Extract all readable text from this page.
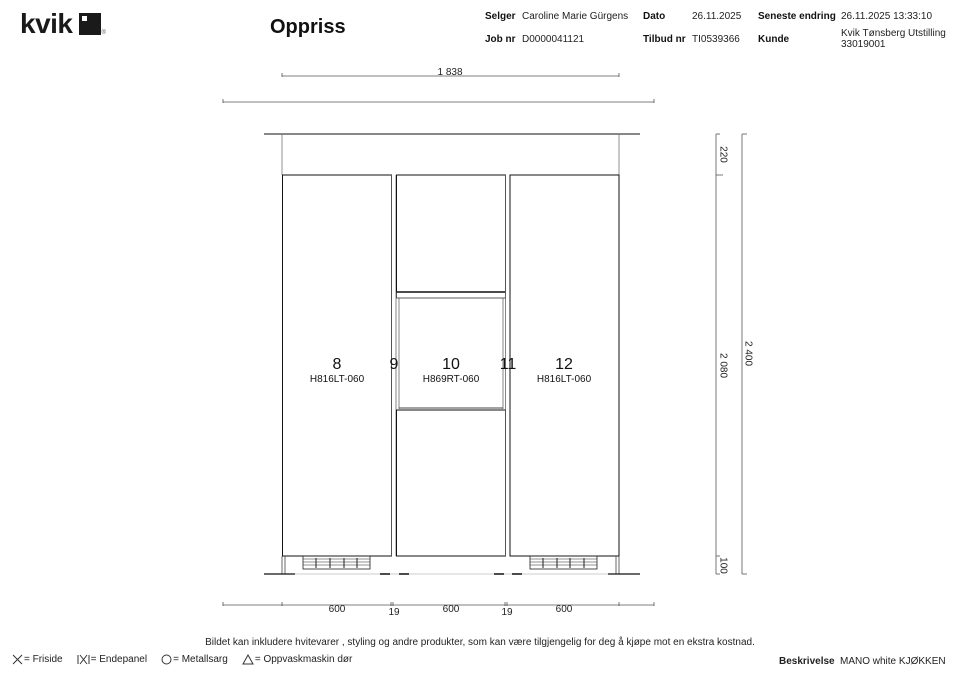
kvik	®	Oppriss	Selger Caroline Marie Gürgens Dato	26.11.2025 Seneste endring 26.11.2025 13:33:10
Job nr D0000041121	Tilbud nr TI0539366 Kunde
Kvik Tønsberg Utstilling
33019001
1 838
220
2 080
100
2 400
600	19	600	19	600
8
H816LT-060
9	10
H869RT-060
11	12
H816LT-060
Bildet kan inkludere hvitevarer , styling og andre produkter, som kan være tilgjengelig for deg å kjøpe mot en ekstra kostnad.
= Friside	= Endepanel	= Metallsarg	= Oppvaskmaskin dør	Beskrivelse MANO white KJØKKEN
